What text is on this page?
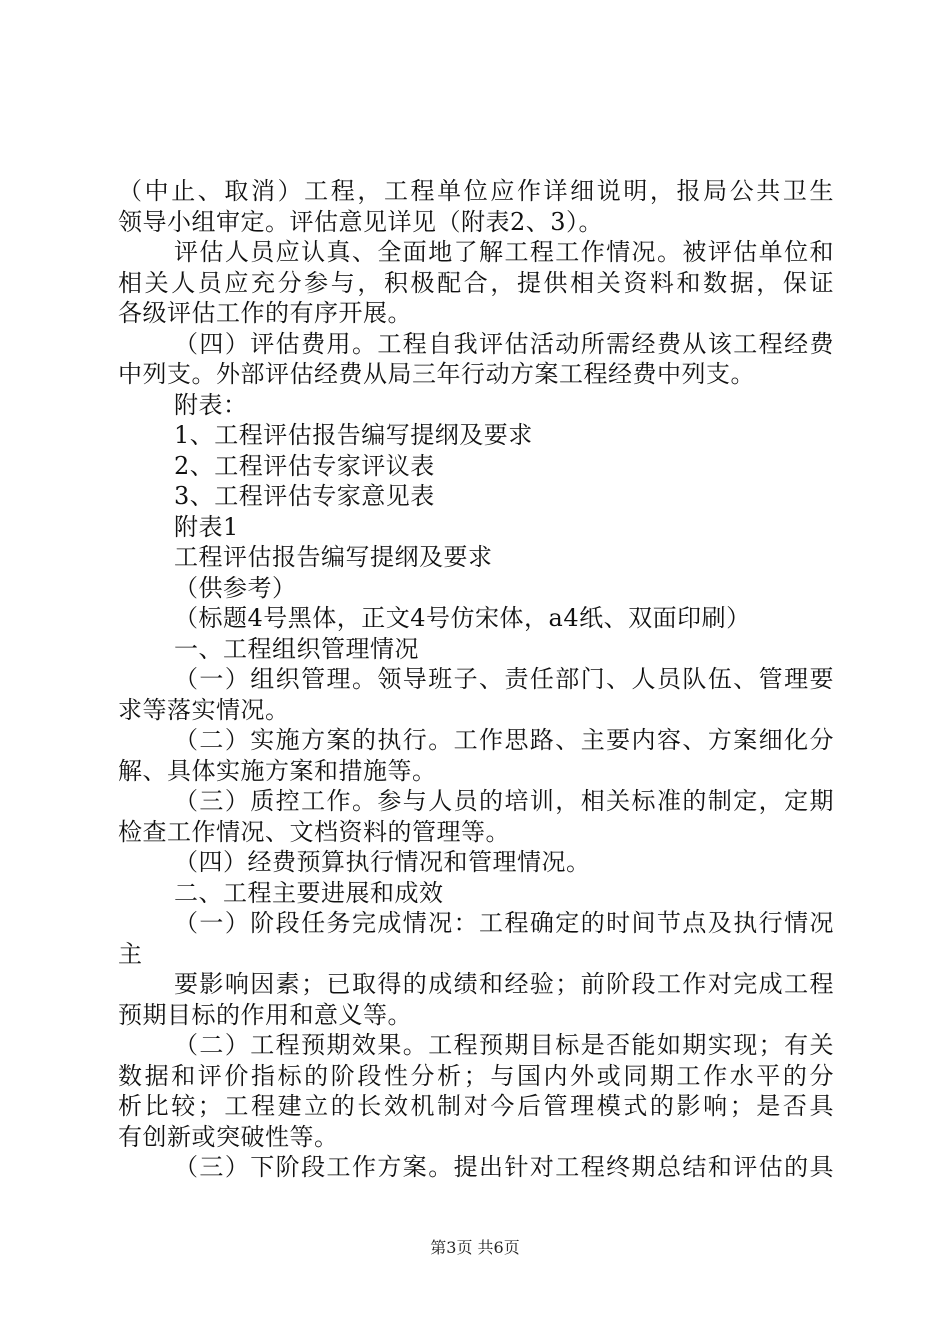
（中止、取消）工程，工程单位应作详细说明，报局公共卫生
领导小组审定。评估意见详见（附表2、3）。
评估人员应认真、全面地了解工程工作情况。被评估单位和
相关人员应充分参与，积极配合，提供相关资料和数据，保证
各级评估工作的有序开展。
（四）评估费用。工程自我评估活动所需经费从该工程经费
中列支。外部评估经费从局三年行动方案工程经费中列支。
附表：
1、工程评估报告编写提纲及要求
2、工程评估专家评议表
3、工程评估专家意见表
附表1
工程评估报告编写提纲及要求
（供参考）
（标题4号黑体，正文4号仿宋体，a4纸、双面印刷）
一、工程组织管理情况
（一）组织管理。领导班子、责任部门、人员队伍、管理要
求等落实情况。
（二）实施方案的执行。工作思路、主要内容、方案细化分
解、具体实施方案和措施等。
（三）质控工作。参与人员的培训，相关标准的制定，定期
检查工作情况、文档资料的管理等。
（四）经费预算执行情况和管理情况。
二、工程主要进展和成效
（一）阶段任务完成情况：工程确定的时间节点及执行情况
主
要影响因素；已取得的成绩和经验；前阶段工作对完成工程
预期目标的作用和意义等。
（二）工程预期效果。工程预期目标是否能如期实现；有关
数据和评价指标的阶段性分析；与国内外或同期工作水平的分
析比较；工程建立的长效机制对今后管理模式的影响；是否具
有创新或突破性等。
（三）下阶段工作方案。提出针对工程终期总结和评估的具
第3页 共6页
